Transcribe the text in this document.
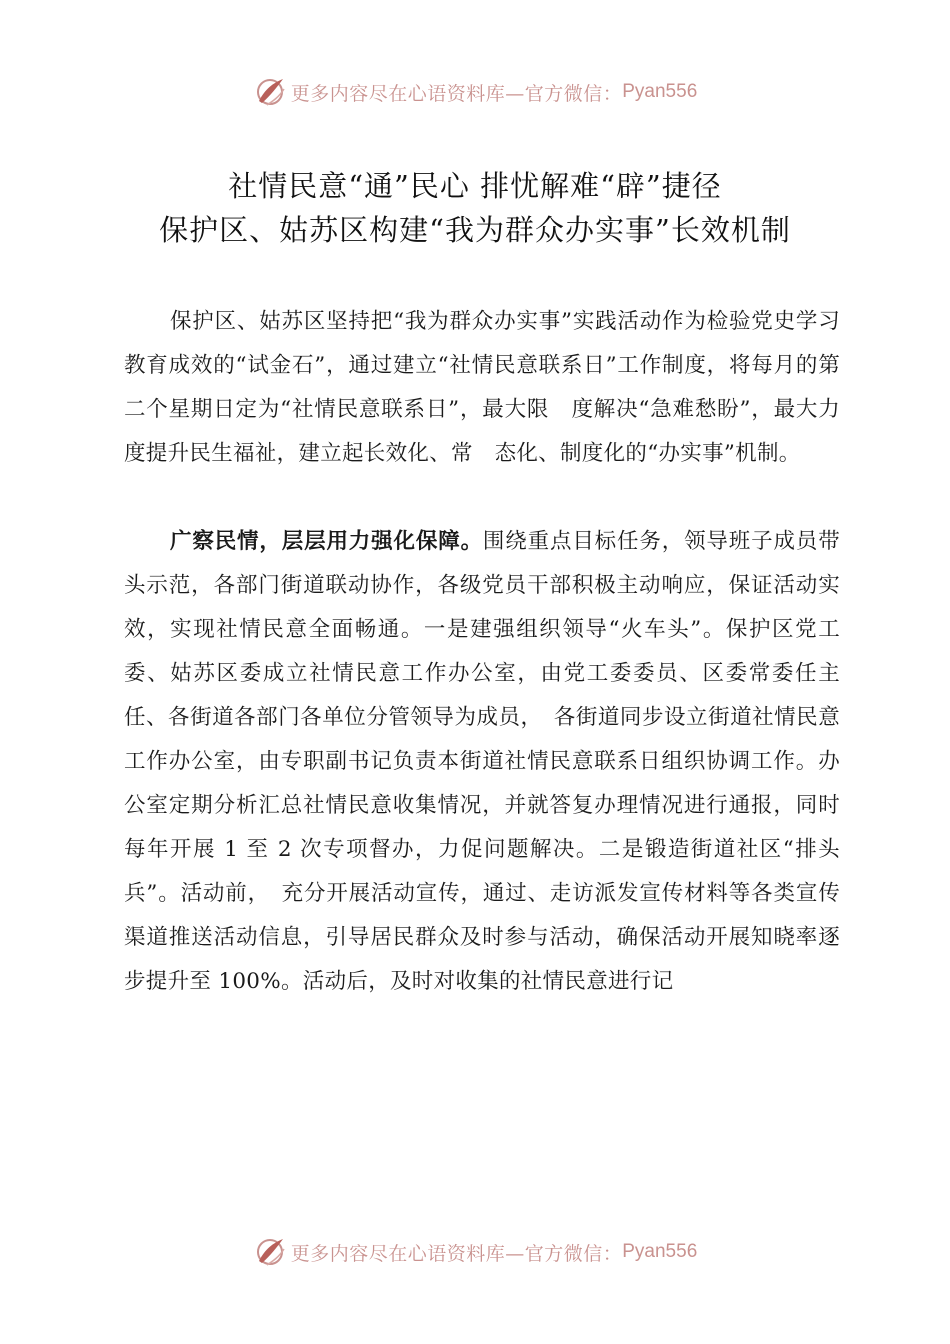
更多内容尽在心语资料库—官方微信： Pyan556
社情民意“通”民心 排忧解难“辟”捷径
保护区、姑苏区构建“我为群众办实事”长效机制

保护区、姑苏区坚持把“我为群众办实事”实践活动作为检验党史学习教育成效的“试金石”，通过建立“社情民意联系日”工作制度，将每月的第二个星期日定为“社情民意联系日”，最大限　度解决“急难愁盼”，最大力度提升民生福祉，建立起长效化、常　态化、制度化的“办实事”机制。

广察民情，层层用力强化保障。围绕重点目标任务，领导班子成员带头示范，各部门街道联动协作，各级党员干部积极主动响应，保证活动实效，实现社情民意全面畅通。一是建强组织领导“火车头”。保护区党工委、姑苏区委成立社情民意工作办公室，由党工委委员、区委常委任主任、各街道各部门各单位分管领导为成员，　各街道同步设立街道社情民意工作办公室，由专职副书记负责本街道社情民意联系日组织协调工作。办公室定期分析汇总社情民意收集情况，并就答复办理情况进行通报，同时每年开展 1 至 2 次专项督办，力促问题解决。二是锻造街道社区“排头兵”。活动前，　充分开展活动宣传，通过、走访派发宣传材料等各类宣传渠道推送活动信息，引导居民群众及时参与活动，确保活动开展知晓率逐步提升至 100%。活动后，及时对收集的社情民意进行记

更多内容尽在心语资料库—官方微信： Pyan556
